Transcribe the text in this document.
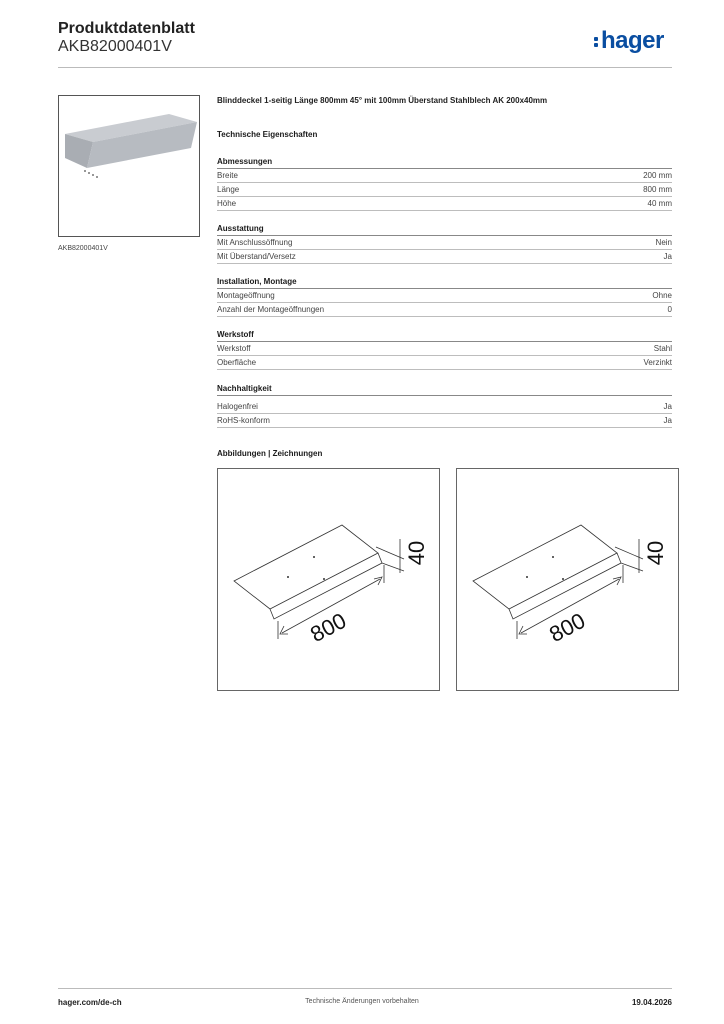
Produktdatenblatt
AKB82000401V	hager
AKB82000401V
Blinddeckel 1-seitig Länge 800mm 45° mit 100mm Überstand Stahlblech AK 200x40mm
Technische Eigenschaften
Abmessungen
Breite	200 mm
Länge	800 mm
Höhe	40 mm
Ausstattung
Mit Anschlussöffnung	Nein
Mit Überstand/Versetz	Ja
Installation, Montage
Montageöffnung	Ohne
Anzahl der Montageöffnungen	0
Werkstoff
Werkstoff	Stahl
Oberfläche	Verzinkt
Nachhaltigkeit
Halogenfrei	Ja
RoHS-konform	Ja
Abbildungen | Zeichnungen
800
40
800
40
hager.com/de-ch	Technische Änderungen vorbehalten	19.04.2026
